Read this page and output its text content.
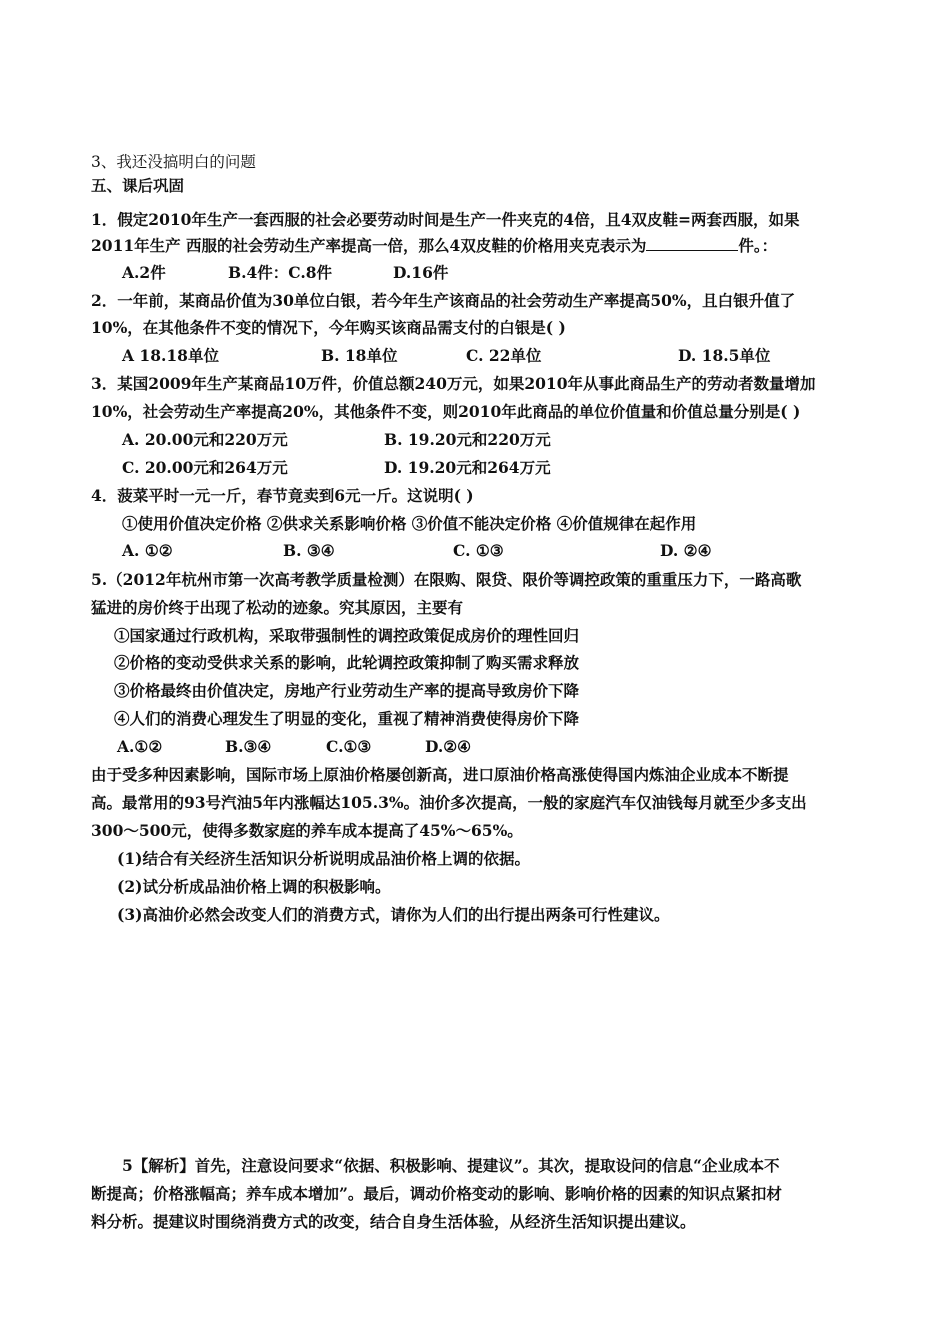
3、我还没搞明白的问题
五、课后巩固
1．假定2010年生产一套西服的社会必要劳动时间是生产一件夹克的4倍，且4双皮鞋=两套西服，如果
2011年生产 西服的社会劳动生产率提高一倍，那么4双皮鞋的价格用夹克表示为	件。：
A.2件	B.4件：C.8件	D.16件
2．一年前，某商品价值为30单位白银，若今年生产该商品的社会劳动生产率提高50%，且白银升值了
10%，在其他条件不变的情况下，今年购买该商品需支付的白银是( )
A 18.18单位	B. 18单位	C. 22单位	D. 18.5单位
3．某国2009年生产某商品10万件，价值总额240万元，如果2010年从事此商品生产的劳动者数量增加
10%，社会劳动生产率提高20%，其他条件不变，则2010年此商品的单位价值量和价值总量分别是( )
A. 20.00元和220万元	B. 19.20元和220万元
C. 20.00元和264万元	D. 19.20元和264万元
4．菠菜平时一元一斤，春节竟卖到6元一斤。这说明( )
①使用价值决定价格 ②供求关系影响价格 ③价值不能决定价格 ④价值规律在起作用
A. ①②	B. ③④	C. ①③	D. ②④
5.（2012年杭州市第一次高考教学质量检测）在限购、限贷、限价等调控政策的重重压力下，一路高歌
猛进的房价终于出现了松动的迹象。究其原因，主要有
①国家通过行政机构，采取带强制性的调控政策促成房价的理性回归
②价格的变动受供求关系的影响，此轮调控政策抑制了购买需求释放
③价格最终由价值决定，房地产行业劳动生产率的提高导致房价下降
④人们的消费心理发生了明显的变化，重视了精神消费使得房价下降
A.①②	B.③④	C.①③	D.②④
由于受多种因素影响，国际市场上原油价格屡创新高，进口原油价格高涨使得国内炼油企业成本不断提
高。最常用的93号汽油5年内涨幅达105.3%。油价多次提高，一般的家庭汽车仅油钱每月就至少多支出
300～500元，使得多数家庭的养车成本提高了45%～65%。
(1)结合有关经济生活知识分析说明成品油价格上调的依据。
(2)试分析成品油价格上调的积极影响。
(3)高油价必然会改变人们的消费方式，请你为人们的出行提出两条可行性建议。
5【解析】首先，注意设问要求“依据、积极影响、提建议”。其次，提取设问的信息“企业成本不
断提高；价格涨幅高；养车成本增加”。最后，调动价格变动的影响、影响价格的因素的知识点紧扣材
料分析。提建议时围绕消费方式的改变，结合自身生活体验，从经济生活知识提出建议。
